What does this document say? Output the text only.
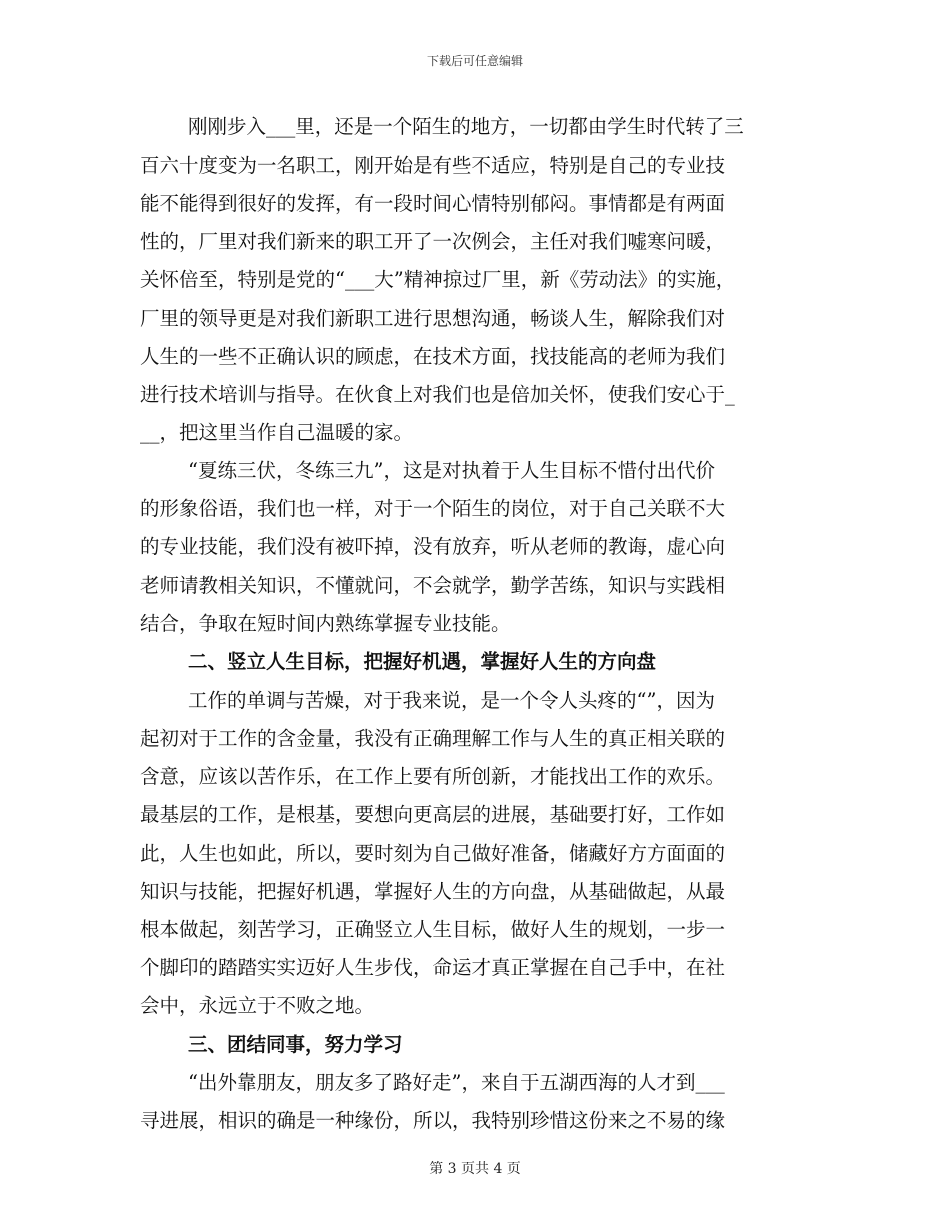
下载后可任意编辑
刚刚步入___里，还是一个陌生的地方，一切都由学生时代转了三
百六十度变为一名职工，刚开始是有些不适应，特别是自己的专业技
能不能得到很好的发挥，有一段时间心情特别郁闷。事情都是有两面
性的，厂里对我们新来的职工开了一次例会，主任对我们嘘寒问暖，
关怀倍至，特别是党的“___大”精神掠过厂里，新《劳动法》的实施，
厂里的领导更是对我们新职工进行思想沟通，畅谈人生，解除我们对
人生的一些不正确认识的顾虑，在技术方面，找技能高的老师为我们
进行技术培训与指导。在伙食上对我们也是倍加关怀，使我们安心于_
__，把这里当作自己温暖的家。
“夏练三伏，冬练三九”，这是对执着于人生目标不惜付出代价
的形象俗语，我们也一样，对于一个陌生的岗位，对于自己关联不大
的专业技能，我们没有被吓掉，没有放弃，听从老师的教诲，虚心向
老师请教相关知识，不懂就问，不会就学，勤学苦练，知识与实践相
结合，争取在短时间内熟练掌握专业技能。
二、竖立人生目标，把握好机遇，掌握好人生的方向盘
工作的单调与苦燥，对于我来说，是一个令人头疼的“”，因为
起初对于工作的含金量，我没有正确理解工作与人生的真正相关联的
含意，应该以苦作乐，在工作上要有所创新，才能找出工作的欢乐。
最基层的工作，是根基，要想向更高层的进展，基础要打好，工作如
此，人生也如此，所以，要时刻为自己做好准备，储藏好方方面面的
知识与技能，把握好机遇，掌握好人生的方向盘，从基础做起，从最
根本做起，刻苦学习，正确竖立人生目标，做好人生的规划，一步一
个脚印的踏踏实实迈好人生步伐，命运才真正掌握在自己手中，在社
会中，永远立于不败之地。
三、团结同事，努力学习
“出外靠朋友，朋友多了路好走”，来自于五湖西海的人才到___
寻进展，相识的确是一种缘份，所以，我特别珍惜这份来之不易的缘
第 3 页共 4 页
